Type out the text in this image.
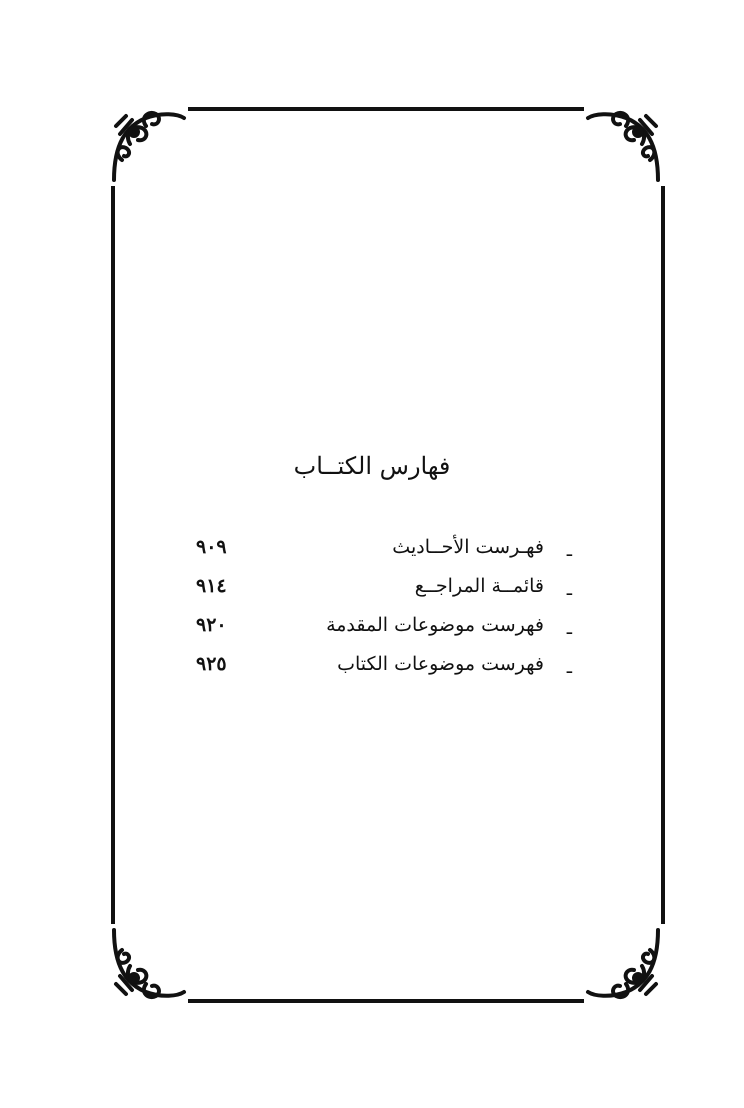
فهارس الكتــاب
ـ
فهـرست الأحــاديث
٩٠٩
ـ
قائمــة المراجــع
٩١٤
ـ
فهرست موضوعات المقدمة
٩٢٠
ـ
فهرست موضوعات الكتاب
٩٢٥
